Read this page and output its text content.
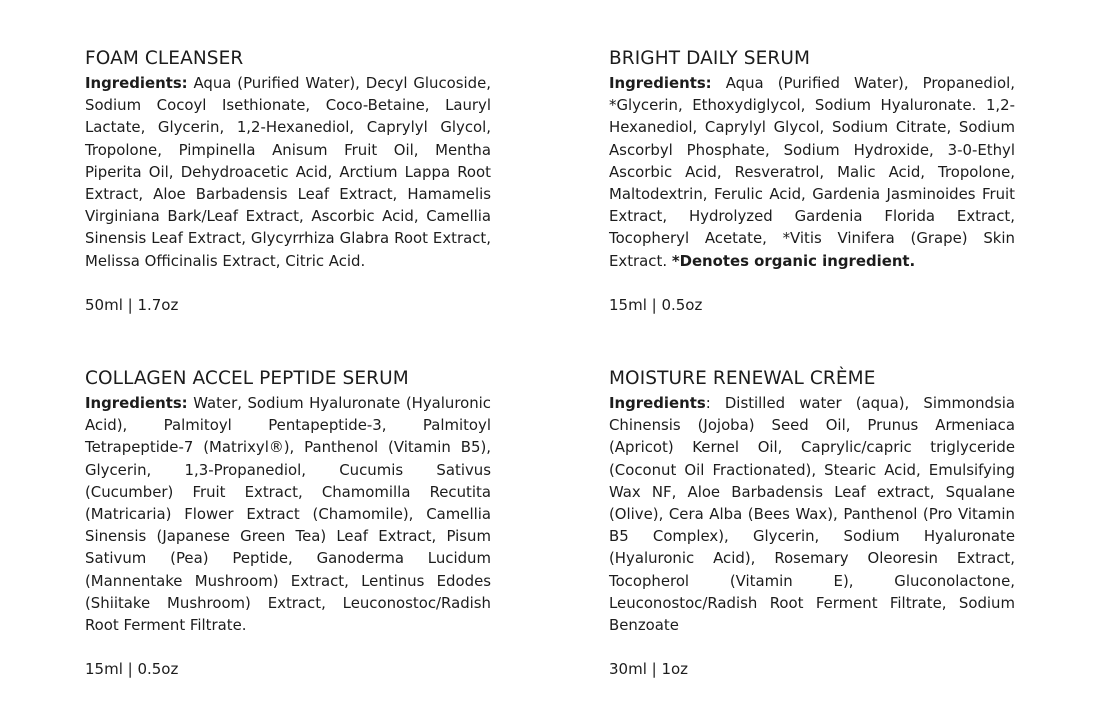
FOAM CLEANSER

Ingredients: Aqua (Purified Water), Decyl Glucoside, Sodium Cocoyl Isethionate, Coco-Betaine, Lauryl Lactate, Glycerin, 1,2-Hexanediol, Caprylyl Glycol, Tropolone, Pimpinella Anisum Fruit Oil, Mentha Piperita Oil, Dehydroacetic Acid, Arctium Lappa Root Extract, Aloe Barbadensis Leaf Extract, Hamamelis Virginiana Bark/Leaf Extract, Ascorbic Acid, Camellia Sinensis Leaf Extract, Glycyrrhiza Glabra Root Extract, Melissa Officinalis Extract, Citric Acid.

50ml | 1.7oz
BRIGHT DAILY SERUM

Ingredients: Aqua (Purified Water), Propanediol, *Glycerin, Ethoxydiglycol, Sodium Hyaluronate. 1,2-Hexanediol, Caprylyl Glycol, Sodium Citrate, Sodium Ascorbyl Phosphate, Sodium Hydroxide, 3-0-Ethyl Ascorbic Acid, Resveratrol, Malic Acid, Tropolone, Maltodextrin, Ferulic Acid, Gardenia Jasminoides Fruit Extract, Hydrolyzed Gardenia Florida Extract, Tocopheryl Acetate, *Vitis Vinifera (Grape) Skin Extract. *Denotes organic ingredient.

15ml | 0.5oz
COLLAGEN ACCEL PEPTIDE SERUM

Ingredients: Water, Sodium Hyaluronate (Hyaluronic Acid), Palmitoyl Pentapeptide-3, Palmitoyl Tetrapeptide-7 (Matrixyl®), Panthenol (Vitamin B5), Glycerin, 1,3-Propanediol, Cucumis Sativus (Cucumber) Fruit Extract, Chamomilla Recutita (Matricaria) Flower Extract (Chamomile), Camellia Sinensis (Japanese Green Tea) Leaf Extract, Pisum Sativum (Pea) Peptide, Ganoderma Lucidum (Mannentake Mushroom) Extract, Lentinus Edodes (Shiitake Mushroom) Extract, Leuconostoc/Radish Root Ferment Filtrate.

15ml | 0.5oz
MOISTURE RENEWAL CRÈME

Ingredients: Distilled water (aqua), Simmondsia Chinensis (Jojoba) Seed Oil, Prunus Armeniaca (Apricot) Kernel Oil, Caprylic/capric triglyceride (Coconut Oil Fractionated), Stearic Acid, Emulsifying Wax NF, Aloe Barbadensis Leaf extract, Squalane (Olive), Cera Alba (Bees Wax), Panthenol (Pro Vitamin B5 Complex), Glycerin, Sodium Hyaluronate (Hyaluronic Acid), Rosemary Oleoresin Extract, Tocopherol (Vitamin E), Gluconolactone, Leuconostoc/Radish Root Ferment Filtrate, Sodium Benzoate

30ml | 1oz
